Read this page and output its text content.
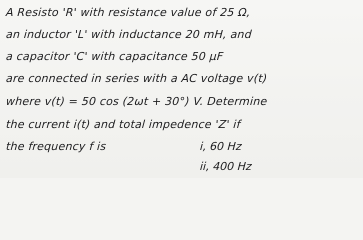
A Resisto 'R' with resistance value of 25 Ω,
an inductor 'L' with inductance 20 mH, and
a capacitor 'C' with capacitance 50 μF
are connected in series with a AC voltage v(t)
where v(t) = 50 cos (2ωt + 30°) V. Determine
the current i(t) and total impedence 'Z' if
the frequency f is	i, 60 Hz
ii, 400 Hz
